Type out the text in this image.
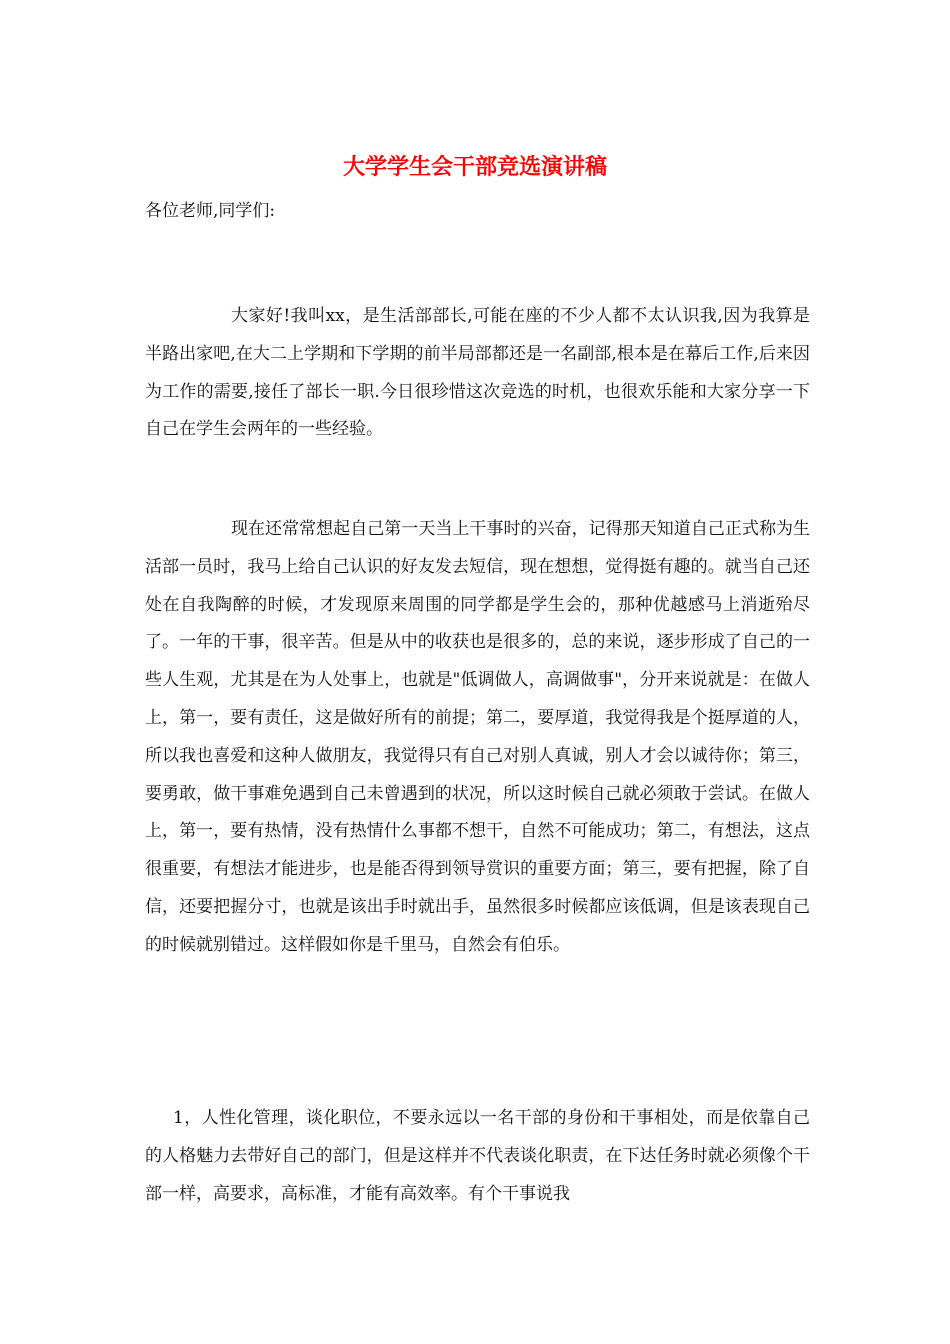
大学学生会干部竞选演讲稿

各位老师,同学们:

大家好!我叫xx，是生活部部长,可能在座的不少人都不太认识我,因为我算是半路出家吧,在大二上学期和下学期的前半局部都还是一名副部,根本是在幕后工作,后来因为工作的需要,接任了部长一职.今日很珍惜这次竞选的时机，也很欢乐能和大家分享一下自己在学生会两年的一些经验。

现在还常常想起自己第一天当上干事时的兴奋，记得那天知道自己正式称为生活部一员时，我马上给自己认识的好友发去短信，现在想想，觉得挺有趣的。就当自己还处在自我陶醉的时候，才发现原来周围的同学都是学生会的，那种优越感马上消逝殆尽了。一年的干事，很辛苦。但是从中的收获也是很多的，总的来说，逐步形成了自己的一些人生观，尤其是在为人处事上，也就是"低调做人，高调做事"，分开来说就是：在做人上，第一，要有责任，这是做好所有的前提；第二，要厚道，我觉得我是个挺厚道的人，所以我也喜爱和这种人做朋友，我觉得只有自己对别人真诚，别人才会以诚待你；第三，要勇敢，做干事难免遇到自己未曾遇到的状况，所以这时候自己就必须敢于尝试。在做人上，第一，要有热情，没有热情什么事都不想干，自然不可能成功；第二，有想法，这点很重要，有想法才能进步，也是能否得到领导赏识的重要方面；第三，要有把握，除了自信，还要把握分寸，也就是该出手时就出手，虽然很多时候都应该低调，但是该表现自己的时候就别错过。这样假如你是千里马，自然会有伯乐。

1，人性化管理，谈化职位，不要永远以一名干部的身份和干事相处，而是依靠自己的人格魅力去带好自己的部门，但是这样并不代表谈化职责，在下达任务时就必须像个干部一样，高要求，高标准，才能有高效率。有个干事说我
